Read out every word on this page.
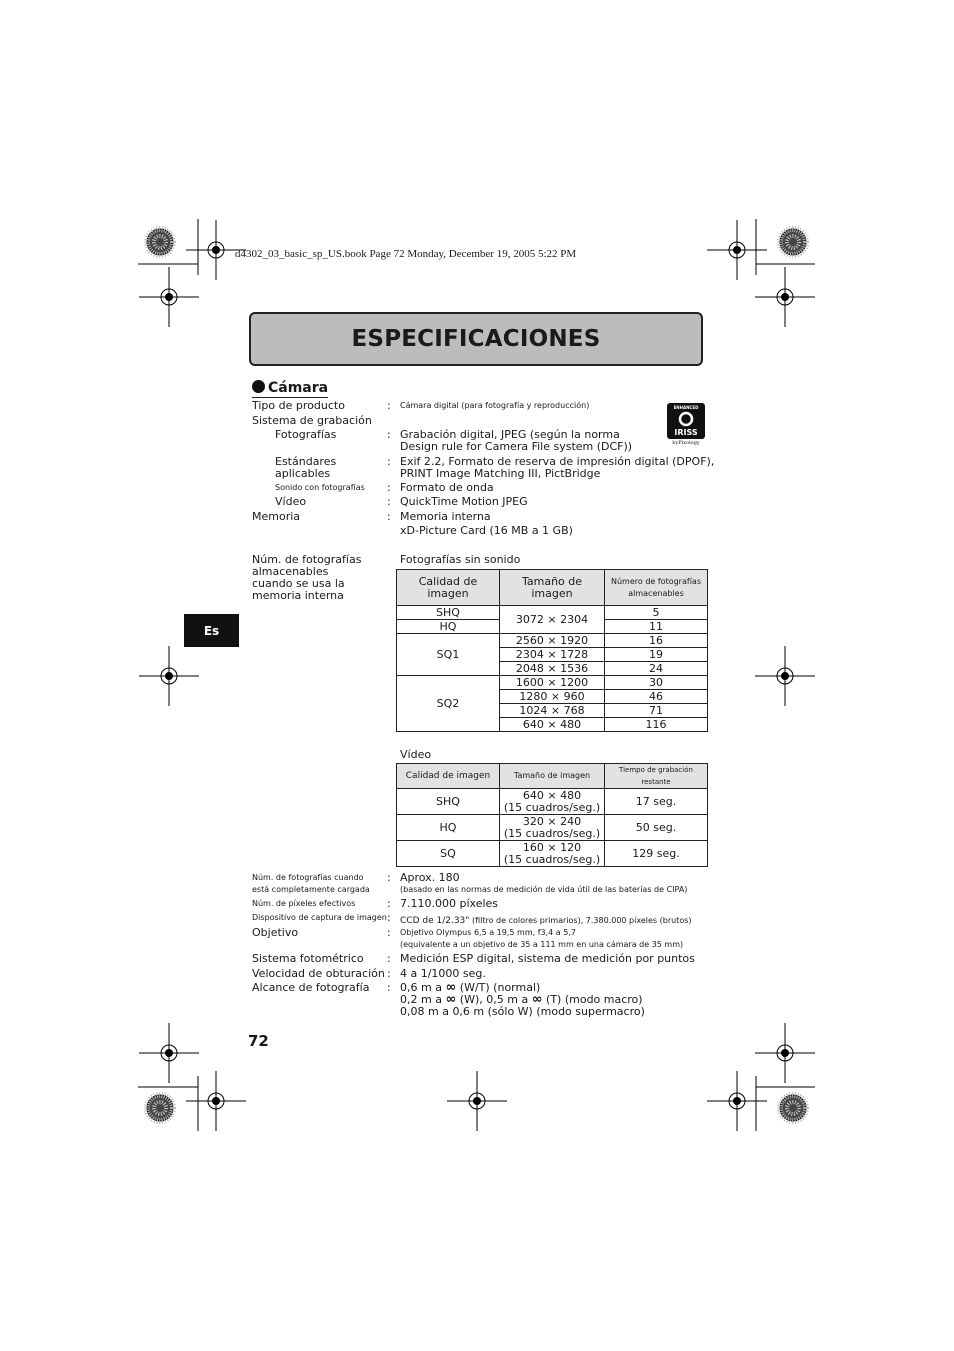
d4302_03_basic_sp_US.book Page 72 Monday, December 19, 2005 5:22 PM
ESPECIFICACIONES
Cámara
ENHANCED
IRISS
byPixology
Tipo de producto	: Cámara digital (para fotografía y reproducción)
Sistema de grabación
Fotografías	: Grabación digital, JPEG (según la norma
Design rule for Camera File system (DCF))
Estándares
aplicables
: Exif 2.2, Formato de reserva de impresión digital (DPOF),
PRINT Image Matching III, PictBridge
Sonido con fotografías : Formato de onda
Vídeo	: QuickTime Motion JPEG
Memoria	: Memoria interna
xD-Picture Card (16 MB a 1 GB)
Núm. de fotografías
almacenables
cuando se usa la
memoria interna
Fotografías sin sonido
Es
Calidad de
imagen	Tamaño de
imagen	Número de fotografías
almacenables
SHQ	3072 × 2304	5
HQ		11
SQ1	2560 × 1920	16
	2304 × 1728	19
	2048 × 1536	24
SQ2	1600 × 1200	30
	1280 × 960	46
	1024 × 768	71
	640 × 480	116
Vídeo
Calidad de imagen	Tamaño de imagen	Tiempo de grabación restante
SHQ	640 × 480
(15 cuadros/seg.)	17 seg.
HQ	320 × 240
(15 cuadros/seg.)	50 seg.
SQ	160 × 120
(15 cuadros/seg.)	129 seg.
Núm. de fotografías cuando
está completamente cargada
: Aprox. 180
(basado en las normas de medición de vida útil de las baterías de CIPA)
Núm. de píxeles efectivos	: 7.110.000 píxeles
Dispositivo de captura de imagen : CCD de 1/2.33" (filtro de colores primarios), 7.380.000 píxeles (brutos)
Objetivo	: Objetivo Olympus 6,5 a 19,5 mm, f3,4 a 5,7
(equivalente a un objetivo de 35 a 111 mm en una cámara de 35 mm)
Sistema fotométrico : Medición ESP digital, sistema de medición por puntos
Velocidad de obturación : 4 a 1/1000 seg.
Alcance de fotografía : 0,6 m a ∞ (W/T) (normal)
0,2 m a ∞ (W), 0,5 m a ∞ (T) (modo macro)
0,08 m a 0,6 m (sólo W) (modo supermacro)
72
